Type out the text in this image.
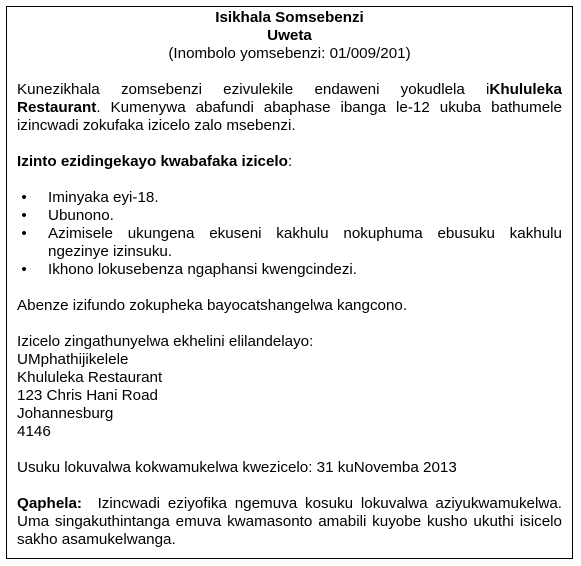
Isikhala Somsebenzi
Uweta
(Inombolo yomsebenzi: 01/009/201)

Kunezikhala zomsebenzi ezivulekile endaweni yokudlela iKhululeka Restaurant. Kumenywa abafundi abaphase ibanga le-12 ukuba bathumele izincwadi zokufaka izicelo zalo msebenzi.

Izinto ezidingekayo kwabafaka izicelo:

• Iminyaka eyi-18.
• Ubunono.
• Azimisele ukungena ekuseni kakhulu nokuphuma ebusuku kakhulu ngezinye izinsuku.
• Ikhono lokusebenza ngaphansi kwengcindezi.

Abenze izifundo zokupheka bayocatshangelwa kangcono.

Izicelo zingathunyelwa ekhelini elilandelayo:
UMphathijikelele
Khululeka Restaurant
123 Chris Hani Road
Johannesburg
4146

Usuku lokuvalwa kokwamukelwa kwezicelo: 31 kuNovemba 2013

Qaphela:  Izincwadi eziyofika ngemuva kosuku lokuvalwa aziyukwamukelwa. Uma singakuthintanga emuva kwamasonto amabili kuyobe kusho ukuthi isicelo sakho asamukelwanga.
